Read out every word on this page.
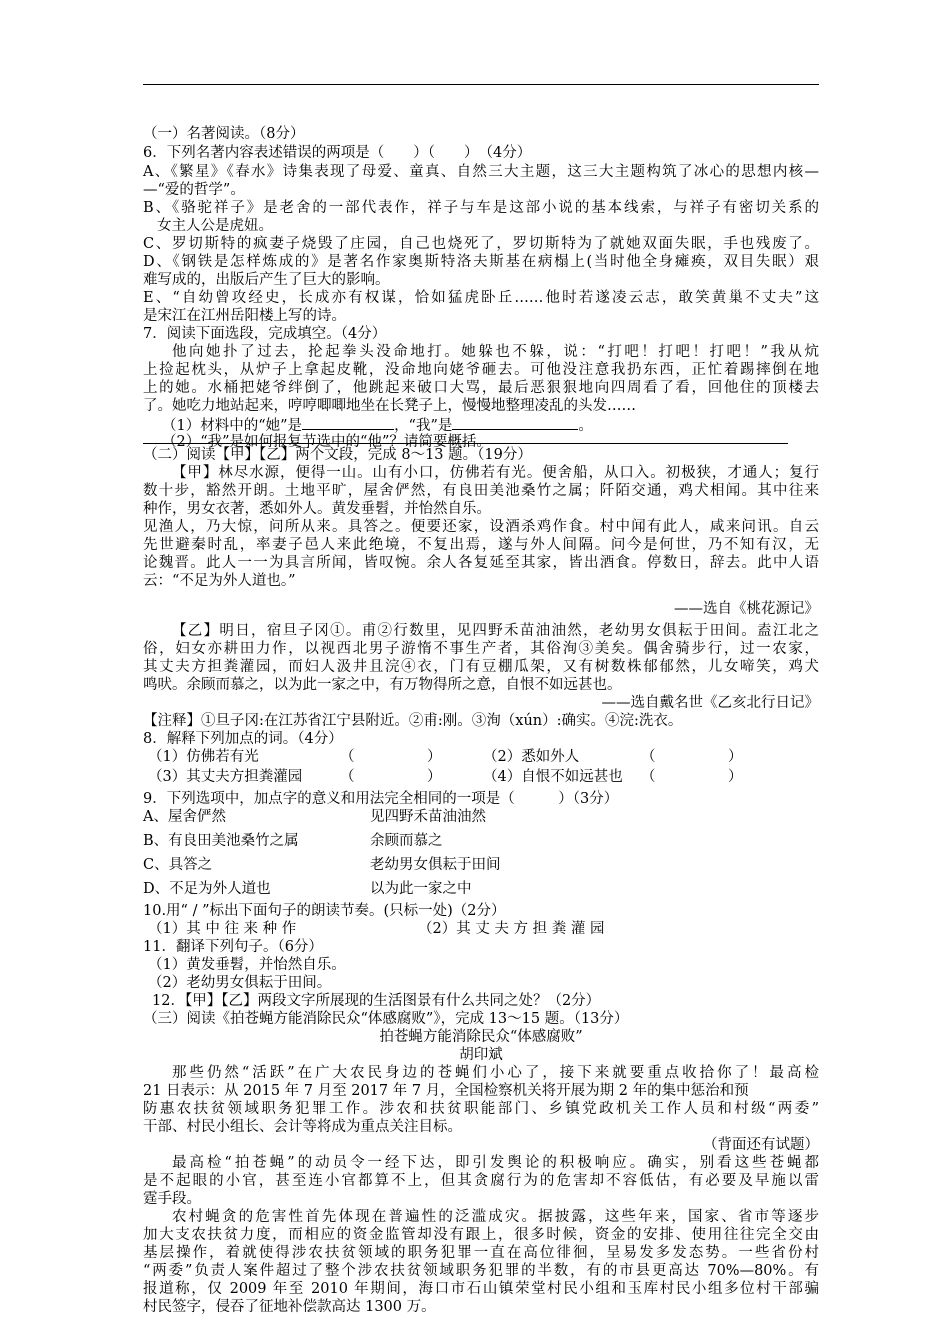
（一）名著阅读。（8分）
6．下列名著内容表述错误的两项是（　　）（　　）　（4分）
A、《繁星》《春水》诗集表现了母爱、童真、自然三大主题，这三大主题构筑了冰心的思想内核—
—“爱的哲学”。
B、《骆驼祥子》是老舍的一部代表作，祥子与车是这部小说的基本线索，与祥子有密切关系的
女主人公是虎妞。
C、罗切斯特的疯妻子烧毁了庄园，自己也烧死了，罗切斯特为了就她双面失眠，手也残废了。
D、《钢铁是怎样炼成的》是著名作家奥斯特洛夫斯基在病榻上(当时他全身瘫痪，双目失眠）艰
难写成的，出版后产生了巨大的影响。
E、“自幼曾攻经史，长成亦有权谋，恰如猛虎卧丘……他时若遂凌云志，敢笑黄巢不丈夫”这
是宋江在江州岳阳楼上写的诗。
7．阅读下面选段，完成填空。（4分）
他向她扑了过去，抡起拳头没命地打。她躲也不躲，说：“打吧！打吧！打吧！”我从炕
上捡起枕头，从炉子上拿起皮靴，没命地向姥爷砸去。可他没注意我扔东西，正忙着踢摔倒在地
上的她。水桶把姥爷绊倒了，他跳起来破口大骂，最后恶狠狠地向四周看了看，回他住的顶楼去
了。她吃力地站起来，哼哼唧唧地坐在长凳子上，慢慢地整理凌乱的头发……
（1）材料中的“她”是	，“我”是	。
（2）“我”是如何报复节选中的“他”？请简要概括。
（二）阅读【甲】【乙】两个文段，完成 8～13 题。（19分）
【甲】林尽水源，便得一山。山有小口，仿佛若有光。便舍船，从口入。初极狭，才通人；复行
数十步，豁然开朗。土地平旷，屋舍俨然，有良田美池桑竹之属；阡陌交通，鸡犬相闻。其中往来
种作，男女衣著，悉如外人。黄发垂髫，并怡然自乐。
见渔人，乃大惊，问所从来。具答之。便要还家，设酒杀鸡作食。村中闻有此人，咸来问讯。自云
先世避秦时乱，率妻子邑人来此绝境，不复出焉，遂与外人间隔。问今是何世，乃不知有汉，无
论魏晋。此人一一为具言所闻，皆叹惋。余人各复延至其家，皆出酒食。停数日，辞去。此中人语
云：“不足为外人道也。”
——选自《桃花源记》
【乙】明日，宿旦子冈①。甫②行数里，见四野禾苗油油然，老幼男女俱耘于田间。盍江北之
俗，妇女亦耕田力作，以视西北男子游惰不事生产者，其俗洵③美矣。偶舍骑步行，过一农家，
其丈夫方担粪灌园，而妇人汲井且浣④衣，门有豆棚瓜架，又有树数株郁郁然，儿女啼笑，鸡犬
鸣吠。余顾而慕之，以为此一家之中，有万物得所之意，自恨不如远甚也。
——选自戴名世《乙亥北行日记》
【注释】①旦子冈:在江苏省江宁县附近。②甫:刚。③洵（xún）:确实。④浣:洗衣。
8．解释下列加点的词。（4分）
（1）仿佛若有光	（　　　　　）	（2）悉如外人	（　　　　　）
（3）其丈夫方担粪灌园	（　　　　　）	（4）自恨不如远甚也 （　　　　　）
9．下列选项中，加点字的意义和用法完全相同的一项是（　　　）（3分）
A、屋舍俨然	见四野禾苗油油然
B、有良田美池桑竹之属	余顾而慕之
C、具答之	老幼男女俱耘于田间
D、不足为外人道也	以为此一家之中
10.用“ / ”标出下面句子的朗读节奏。(只标一处)（2分）
（1）其 中 往 来 种 作	（2）其 丈 夫 方 担 粪 灌 园
11．翻译下列句子。（6分）
（1）黄发垂髫，并怡然自乐。
（2）老幼男女俱耘于田间。
12．【甲】【乙】两段文字所展现的生活图景有什么共同之处？（2分）
（三）阅读《拍苍蝇方能消除民众“体感腐败”》，完成 13～15 题。（13分）
拍苍蝇方能消除民众“体感腐败”
胡印斌
那些仍然“活跃”在广大农民身边的苍蝇们小心了，接下来就要重点收拾你了！最高检
21 日表示：从 2015 年 7 月至 2017 年 7 月，全国检察机关将开展为期 2 年的集中惩治和预
防惠农扶贫领域职务犯罪工作。涉农和扶贫职能部门、乡镇党政机关工作人员和村级“两委”
干部、村民小组长、会计等将成为重点关注目标。
（背面还有试题）
最高检“拍苍蝇”的动员令一经下达，即引发舆论的积极响应。确实，别看这些苍蝇都
是不起眼的小官，甚至连小官都算不上，但其贪腐行为的危害却不容低估，有必要及早施以雷
霆手段。
农村蝇贪的危害性首先体现在普遍性的泛滥成灾。据披露，这些年来，国家、省市等逐步
加大支农扶贫力度，而相应的资金监管却没有跟上，很多时候，资金的安排、使用往往完全交由
基层操作，着就使得涉农扶贫领域的职务犯罪一直在高位徘徊，呈易发多发态势。一些省份村
“两委”负责人案件超过了整个涉农扶贫领域职务犯罪的半数，有的市县更高达 70%—80%。有
报道称，仅 2009 年至 2010 年期间，海口市石山镇荣堂村民小组和玉库村民小组多位村干部骗
村民签字，侵吞了征地补偿款高达 1300 万。
